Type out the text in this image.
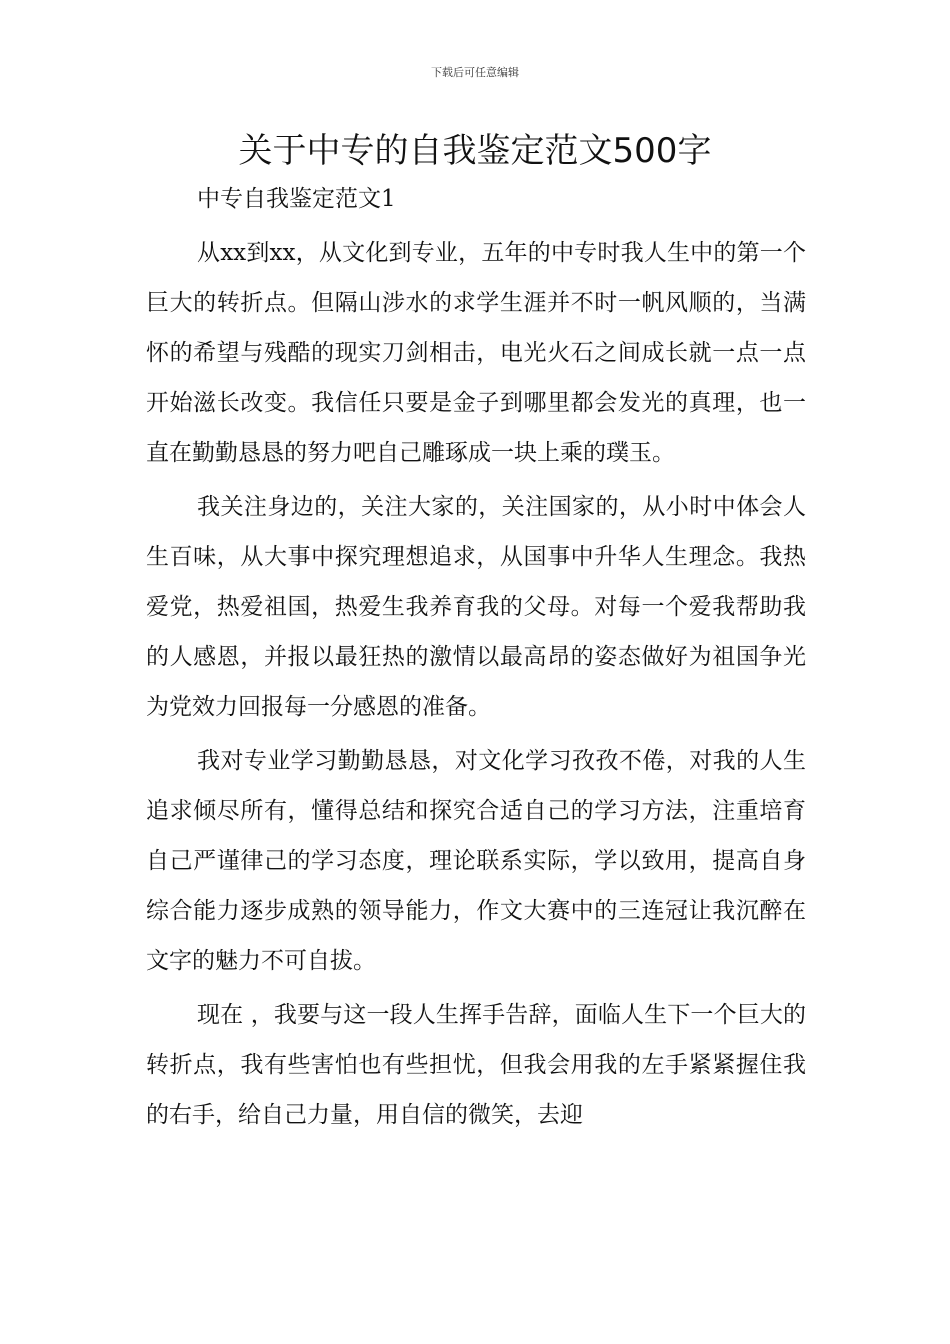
下载后可任意编辑
关于中专的自我鉴定范文500字

中专自我鉴定范文1

从xx到xx，从文化到专业，五年的中专时我人生中的第一个巨大的转折点。但隔山涉水的求学生涯并不时一帆风顺的，当满怀的希望与残酷的现实刀剑相击，电光火石之间成长就一点一点开始滋长改变。我信任只要是金子到哪里都会发光的真理，也一直在勤勤恳恳的努力吧自己雕琢成一块上乘的璞玉。

我关注身边的，关注大家的，关注国家的，从小时中体会人生百味，从大事中探究理想追求，从国事中升华人生理念。我热爱党，热爱祖国，热爱生我养育我的父母。对每一个爱我帮助我的人感恩，并报以最狂热的激情以最高昂的姿态做好为祖国争光为党效力回报每一分感恩的准备。

我对专业学习勤勤恳恳，对文化学习孜孜不倦，对我的人生追求倾尽所有，懂得总结和探究合适自己的学习方法，注重培育自己严谨律己的学习态度，理论联系实际，学以致用，提高自身综合能力逐步成熟的领导能力，作文大赛中的三连冠让我沉醉在文字的魅力不可自拔。

现在 ，我要与这一段人生挥手告辞，面临人生下一个巨大的转折点，我有些害怕也有些担忧，但我会用我的左手紧紧握住我的右手，给自己力量，用自信的微笑，去迎
